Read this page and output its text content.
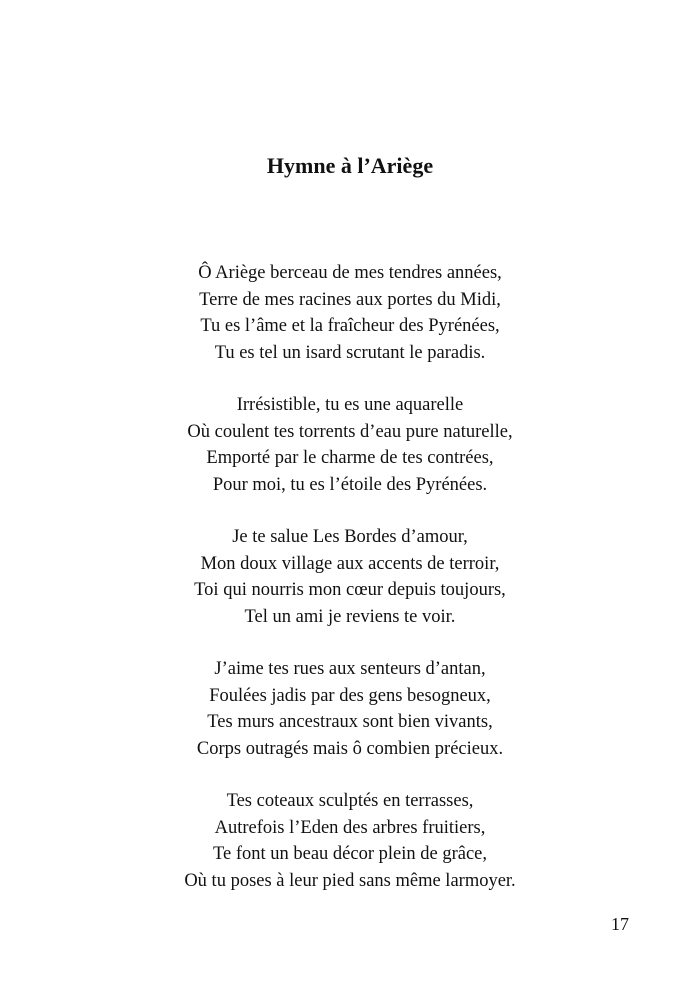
Hymne à l’Ariège
Ô Ariège berceau de mes tendres années,
Terre de mes racines aux portes du Midi,
Tu es l’âme et la fraîcheur des Pyrénées,
Tu es tel un isard scrutant le paradis.
Irrésistible, tu es une aquarelle
Où coulent tes torrents d’eau pure naturelle,
Emporté par le charme de tes contrées,
Pour moi, tu es l’étoile des Pyrénées.
Je te salue Les Bordes d’amour,
Mon doux village aux accents de terroir,
Toi qui nourris mon cœur depuis toujours,
Tel un ami je reviens te voir.
J’aime tes rues aux senteurs d’antan,
Foulées jadis par des gens besogneux,
Tes murs ancestraux sont bien vivants,
Corps outragés mais ô combien précieux.
Tes coteaux sculptés en terrasses,
Autrefois l’Eden des arbres fruitiers,
Te font un beau décor plein de grâce,
Où tu poses à leur pied sans même larmoyer.
17
